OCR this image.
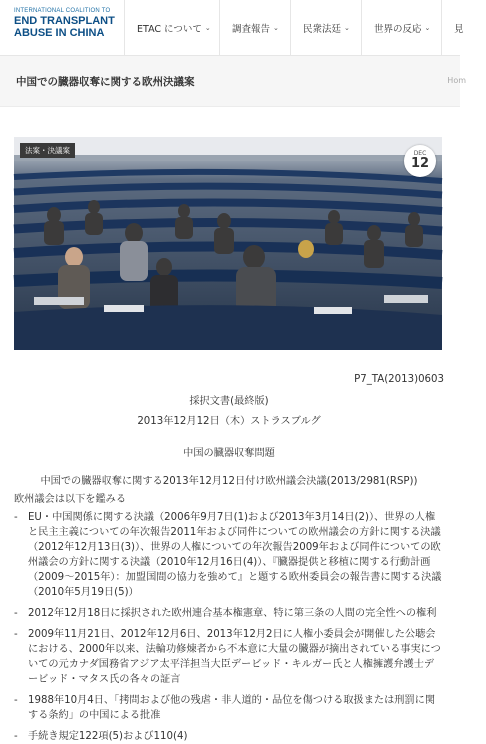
INTERNATIONAL COALITION TO
END TRANSPLANT
ABUSE IN CHINA	ETAC について ⌄ 調査報告 ⌄	民衆法廷 ⌄	世界の反応 ⌄ 見
中国での臓器収奪に関する欧州決議案	Hom
法案・決議案	DEC
12

P7_TA(2013)0603

採択文書(最終版)

2013年12月12日（木）ストラスブルグ

中国の臓器収奪問題

中国での臓器収奪に関する2013年12月12日付け欧州議会決議(2013/2981(RSP))

欧州議会は以下を鑑みる

-	EU・中国関係に関する決議（2006年9月7日(1)および2013年3月14日(2)）、世界の人権と民主主義についての年次報告2011年および同件についての欧州議会の方針に関する決議（2012年12月13日(3)）、世界の人権についての年次報告2009年および同件についての欧州議会の方針に関する決議（2010年12月16日(4)）、『臓器提供と移植に関する行動計画（2009～2015年）：加盟国間の協力を強めて』と題する欧州委員会の報告書に関する決議（2010年5月19日(5)）
-	2012年12月18日に採択された欧州連合基本権憲章、特に第三条の人間の完全性への権利
-	2009年11月21日、2012年12月6日、2013年12月2日に人権小委員会が開催した公聴会における、2000年以来、法輪功修煉者から不本意に大量の臓器が摘出されている事実についての元カナダ国務省アジア太平洋担当大臣デービッド・キルガー氏と人権擁護弁護士デービッド・マタス氏の各々の証言
-	1988年10月4日、「拷問および他の残虐・非人道的・品位を傷つける取扱または刑罰に関する条約」の中国による批准
-	手続き規定122項(5)および110(4)
